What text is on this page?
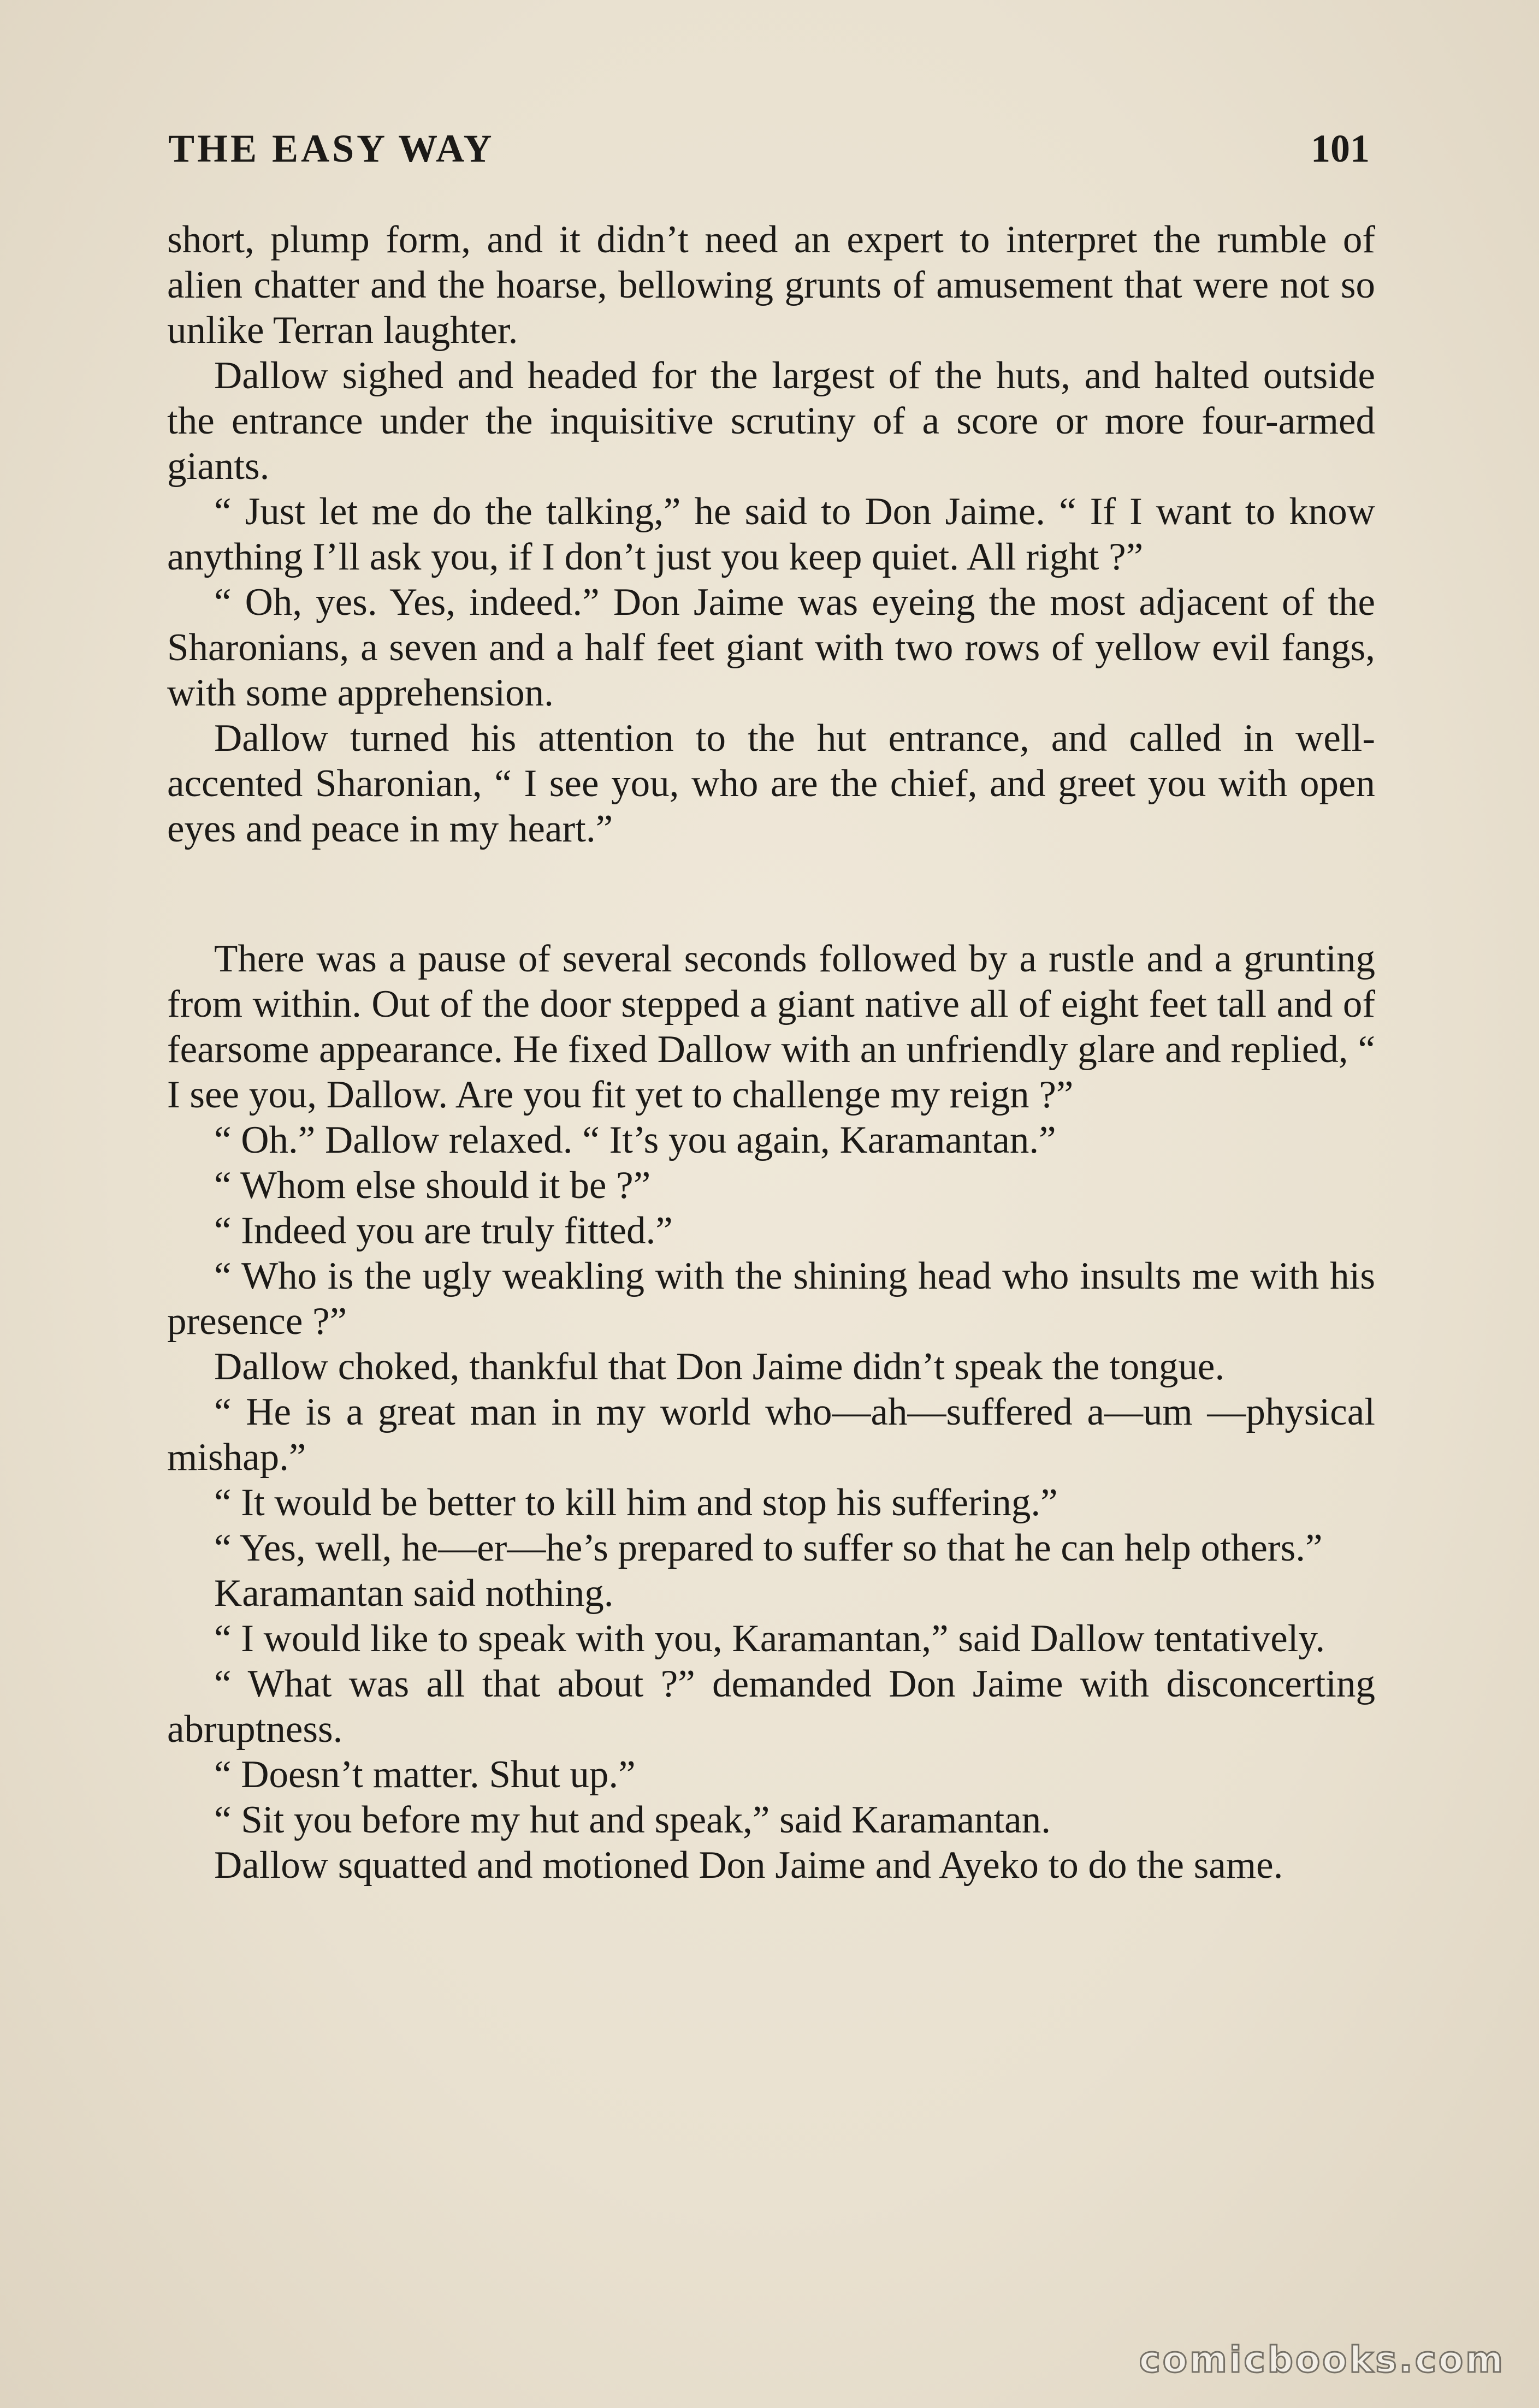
THE EASY WAY	101

short, plump form, and it didn’t need an expert to interpret the rumble of alien chatter and the hoarse, bellowing grunts of amusement that were not so unlike Terran laughter.

Dallow sighed and headed for the largest of the huts, and halted outside the entrance under the inquisitive scrutiny of a score or more four-armed giants.

“ Just let me do the talking,” he said to Don Jaime. “ If I want to know anything I’ll ask you, if I don’t just you keep quiet. All right ?”

“ Oh, yes. Yes, indeed.” Don Jaime was eyeing the most adjacent of the Sharonians, a seven and a half feet giant with two rows of yellow evil fangs, with some apprehension.

Dallow turned his attention to the hut entrance, and called in well-accented Sharonian, “ I see you, who are the chief, and greet you with open eyes and peace in my heart.”

There was a pause of several seconds followed by a rustle and a grunting from within. Out of the door stepped a giant native all of eight feet tall and of fearsome appearance. He fixed Dallow with an unfriendly glare and replied, “ I see you, Dallow. Are you fit yet to challenge my reign ?”

“ Oh.” Dallow relaxed. “ It’s you again, Karamantan.”

“ Whom else should it be ?”

“ Indeed you are truly fitted.”

“ Who is the ugly weakling with the shining head who insults me with his presence ?”

Dallow choked, thankful that Don Jaime didn’t speak the tongue.

“ He is a great man in my world who—ah—suffered a—um —physical mishap.”

“ It would be better to kill him and stop his suffering.”

“ Yes, well, he—er—he’s prepared to suffer so that he can help others.”

Karamantan said nothing.

“ I would like to speak with you, Karamantan,” said Dallow tentatively.

“ What was all that about ?” demanded Don Jaime with disconcerting abruptness.

“ Doesn’t matter. Shut up.”

“ Sit you before my hut and speak,” said Karamantan.

Dallow squatted and motioned Don Jaime and Ayeko to do the same.

comicbooks.com
